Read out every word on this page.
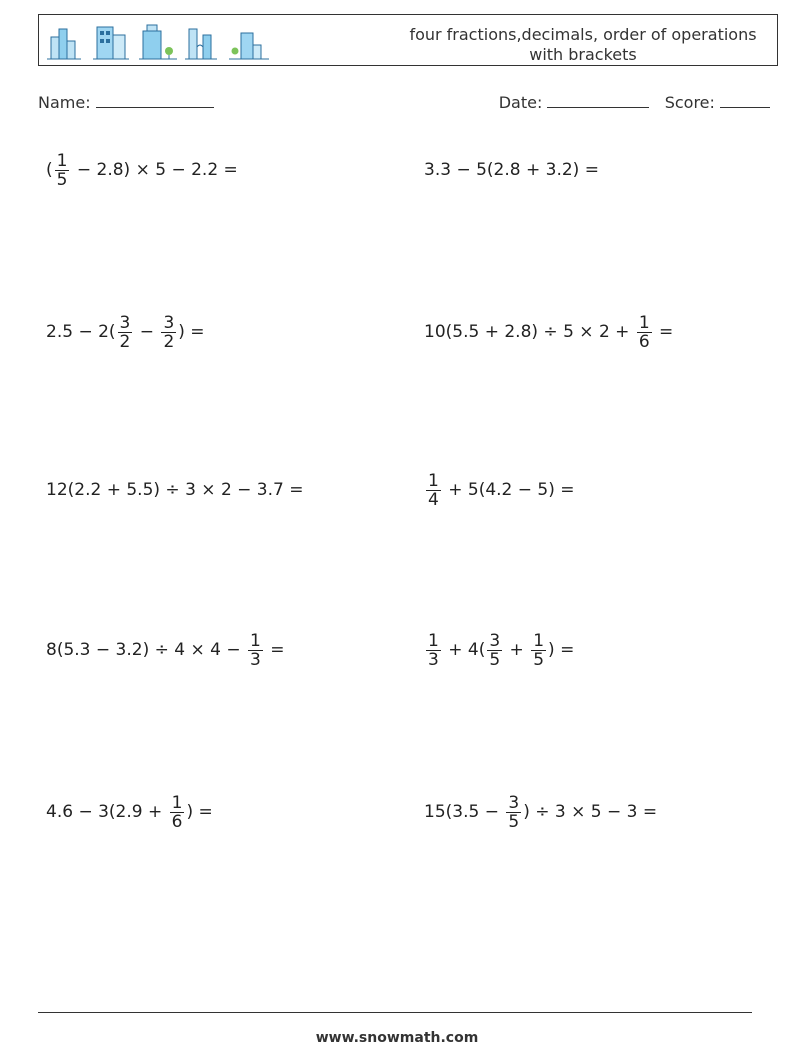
four fractions,decimals, order of operations
with brackets
Name:	Date:	Score:
( $\frac{1}{5} - 2.8) \times 5 - 2.2$ =	3.3 − 5(2.8 + 3.2) =
$2.5 - 2( \frac{3}{2} - \frac{3}{2}$ ) =	$10(5.5 + 2.8) \div 5 \times 2 + \frac{1}{6}$ =
12(2.2 + 5.5) ÷ 3 × 2 − 3.7 =	$\frac{1}{4} + 5(4.2 - 5)$ =
$8(5.3 - 3.2) \div 4 \times 4 - \frac{1}{3}$ =	$\frac{1}{3} + 4( \frac{3}{5} + \frac{1}{5}$ ) =
$4.6 - 3(2.9 + \frac{1}{6}$ ) =	$15(3.5 - \frac{3}{5}$ ) ÷ 3 × 5 − 3 =
www.snowmath.com
